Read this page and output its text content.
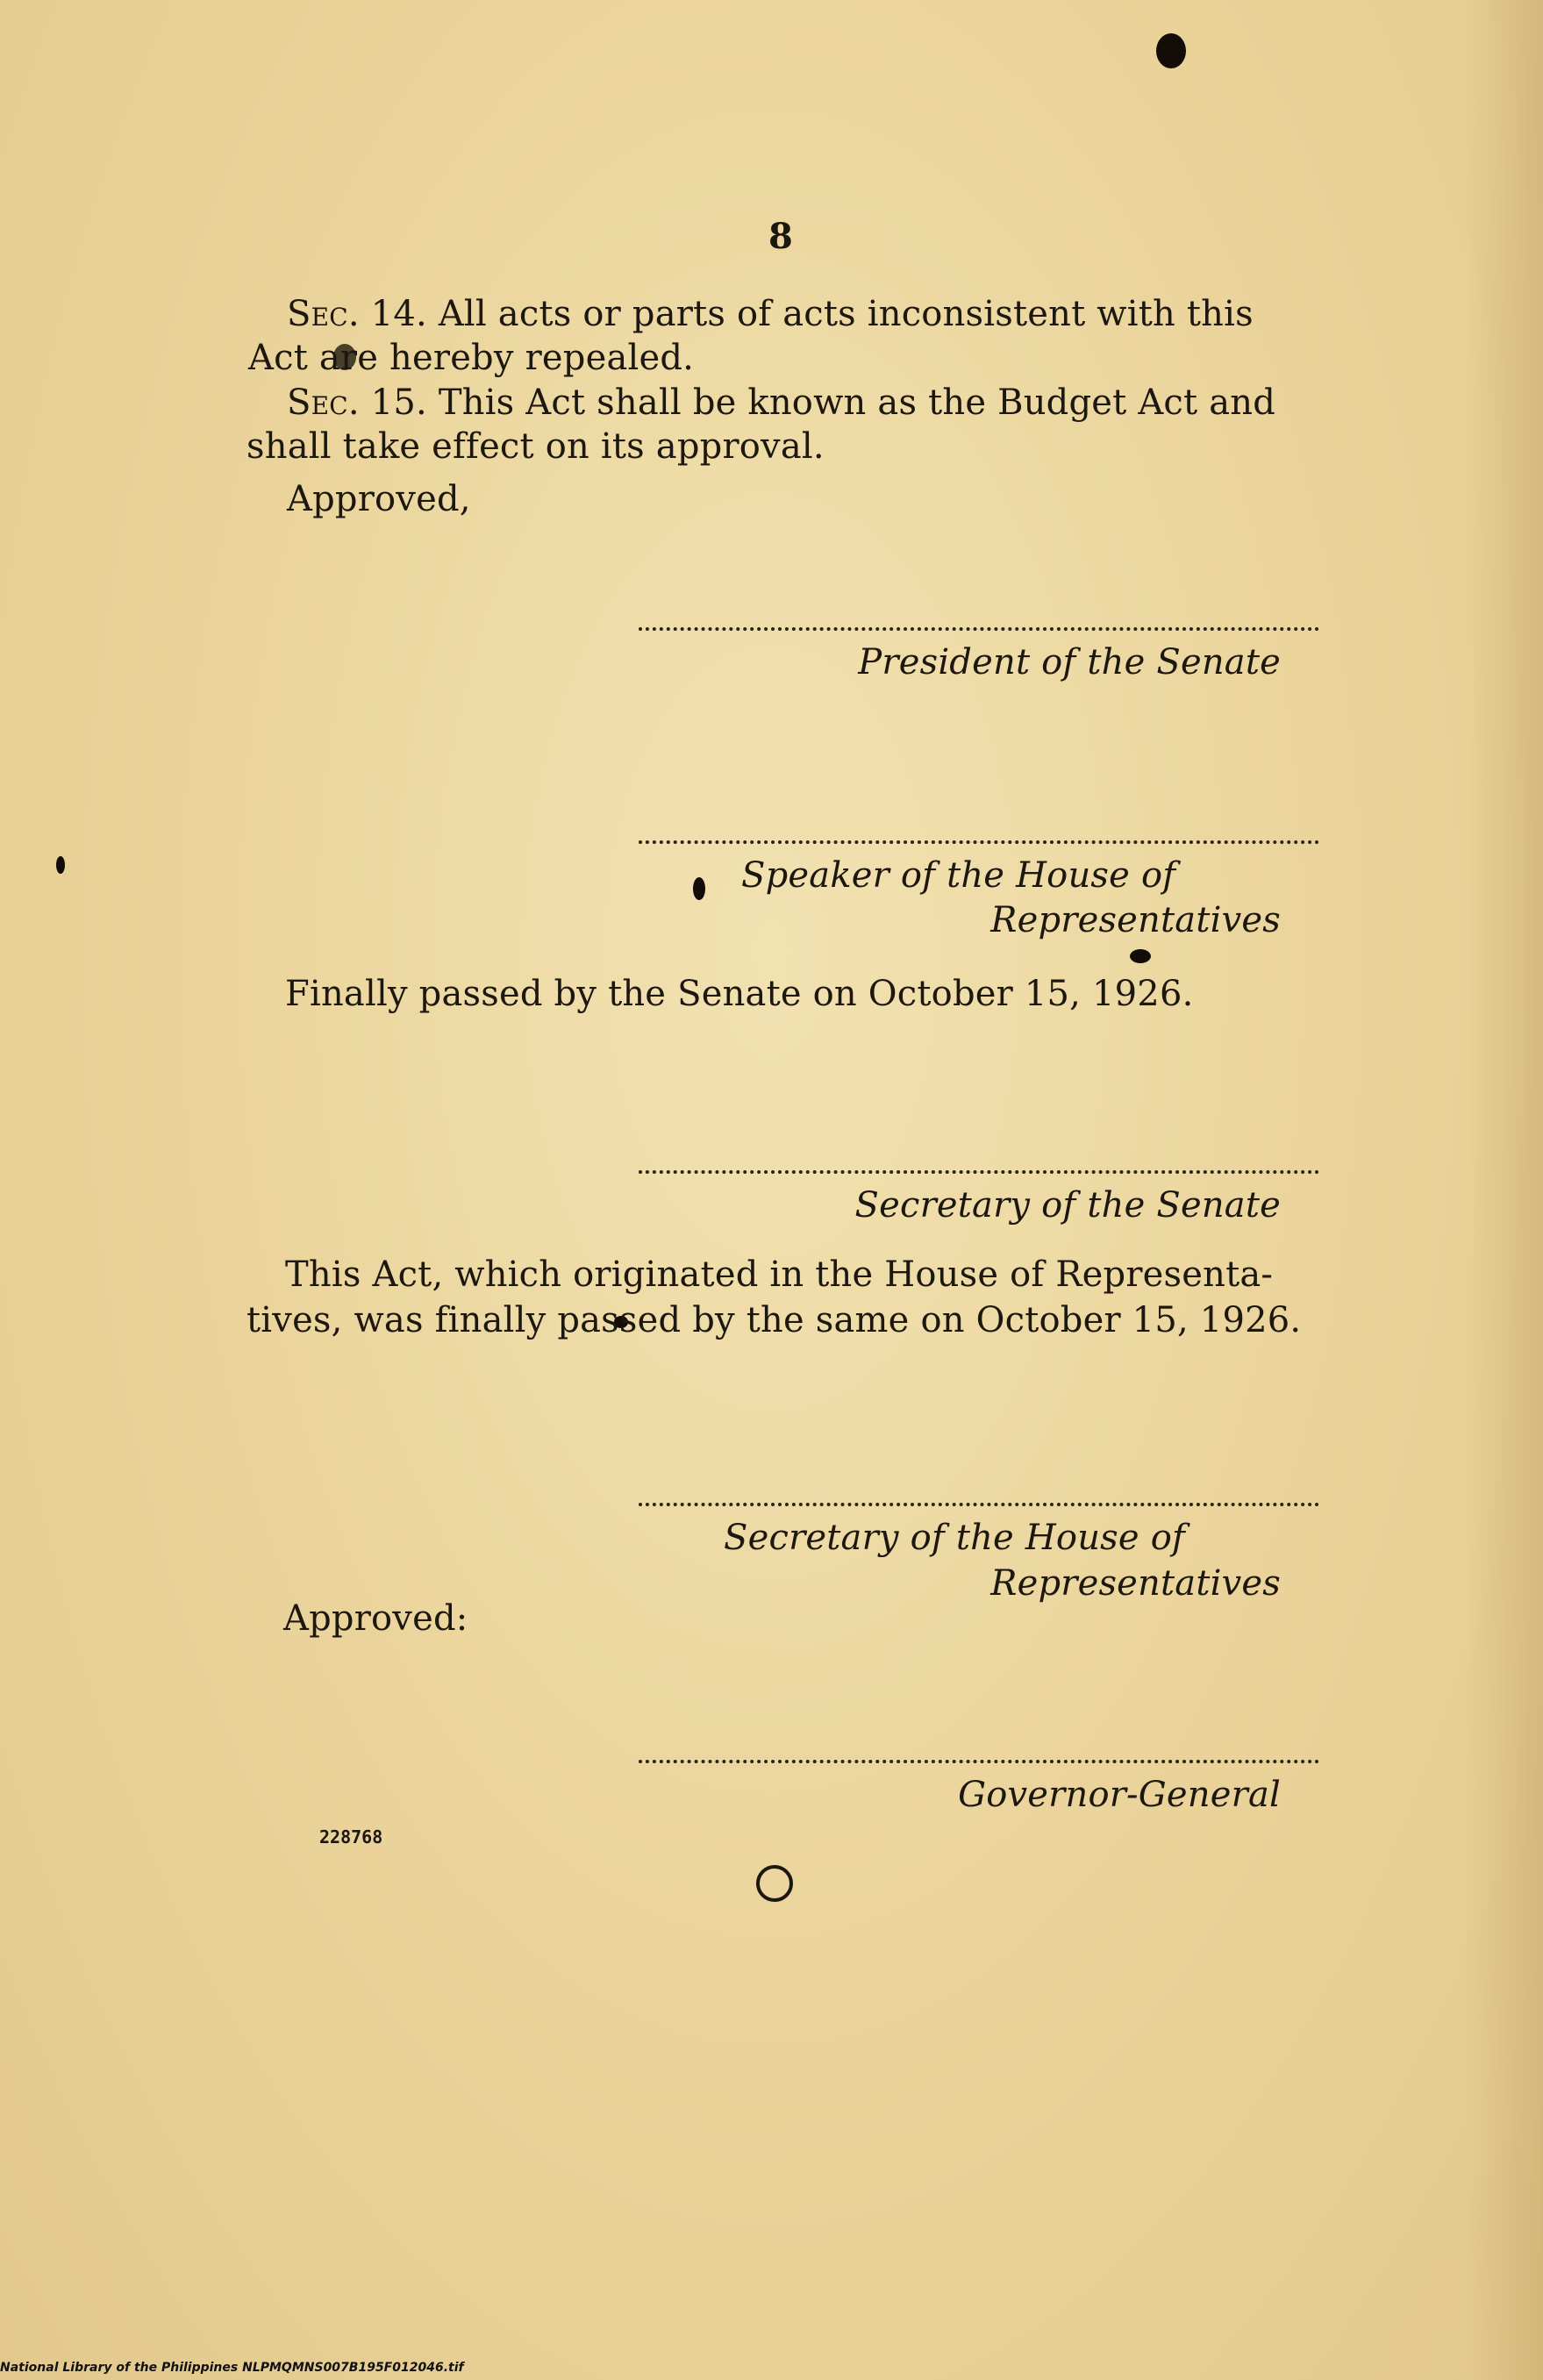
8
Sec. 14. All acts or parts of acts inconsistent with this
Act are hereby repealed.
Sec. 15. This Act shall be known as the Budget Act and
shall take effect on its approval.
Approved,
President of the Senate
Speaker of the House of
Representatives
Finally passed by the Senate on October 15, 1926.
Secretary of the Senate
This Act, which originated in the House of Representa-
tives, was finally passed by the same on October 15, 1926.
Secretary of the House of
Representatives
Approved:
Governor-General
228768
National Library of the Philippines NLPMQMNS007B195F012046.tif
